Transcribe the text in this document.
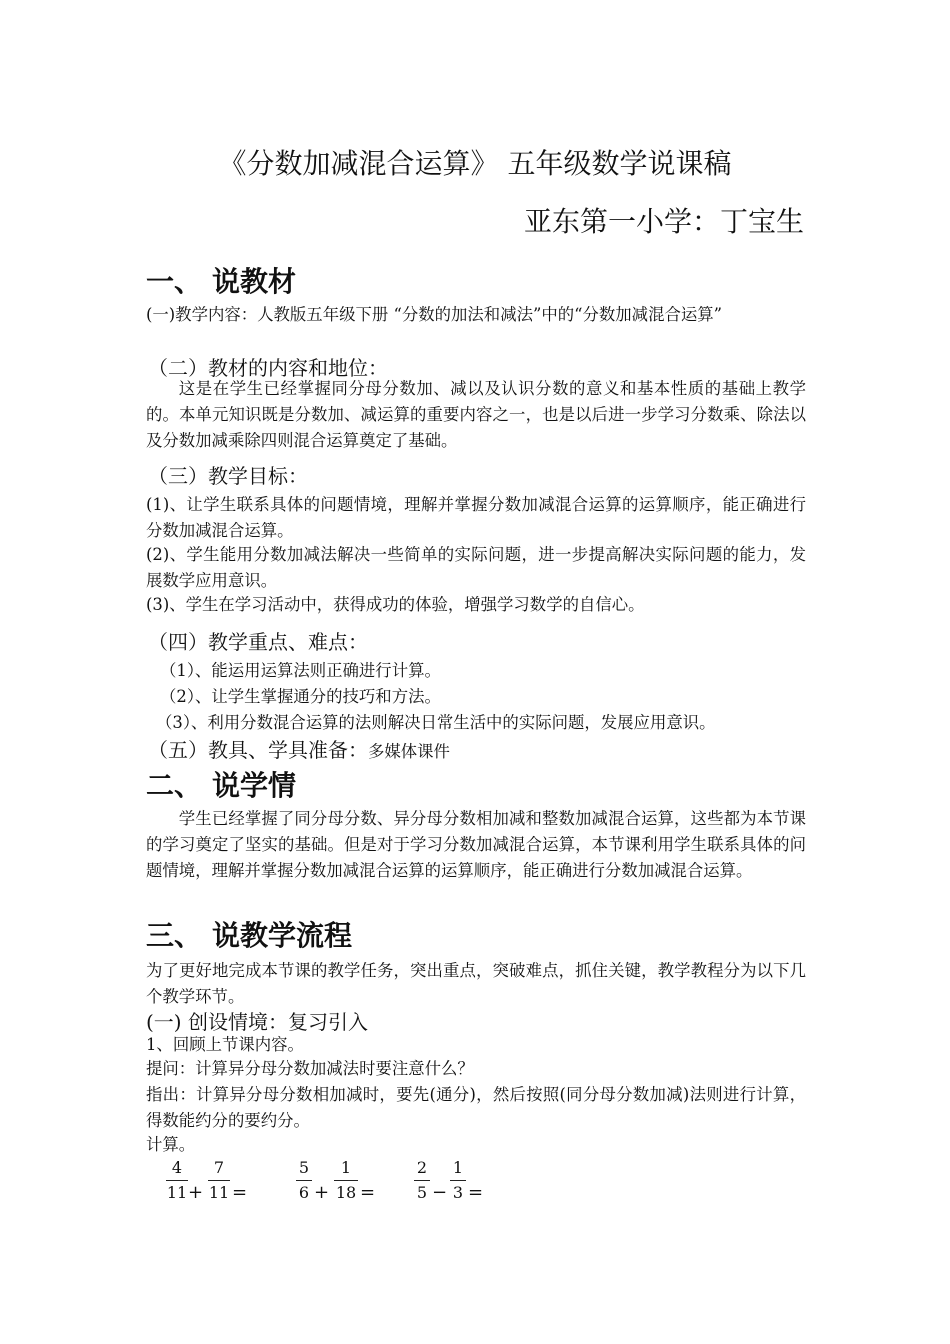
《分数加减混合运算》 五年级数学说课稿
亚东第一小学：丁宝生
一、 说教材
(一)教学内容：人教版五年级下册 “分数的加法和减法”中的“分数加减混合运算”
（二）教材的内容和地位：
这是在学生已经掌握同分母分数加、减以及认识分数的意义和基本性质的基础上教学的。本单元知识既是分数加、减运算的重要内容之一，也是以后进一步学习分数乘、除法以及分数加减乘除四则混合运算奠定了基础。
（三）教学目标：
(1)、让学生联系具体的问题情境，理解并掌握分数加减混合运算的运算顺序，能正确进行分数加减混合运算。
(2)、学生能用分数加减法解决一些简单的实际问题，进一步提高解决实际问题的能力，发展数学应用意识。
(3)、学生在学习活动中，获得成功的体验，增强学习数学的自信心。
（四）教学重点、难点：
（1）、能运用运算法则正确进行计算。
（2）、让学生掌握通分的技巧和方法。
（3）、利用分数混合运算的法则解决日常生活中的实际问题，发展应用意识。
（五）教具、学具准备：多媒体课件
二、 说学情
学生已经掌握了同分母分数、异分母分数相加减和整数加减混合运算，这些都为本节课的学习奠定了坚实的基础。但是对于学习分数加减混合运算，本节课利用学生联系具体的问题情境，理解并掌握分数加减混合运算的运算顺序，能正确进行分数加减混合运算。
三、 说教学流程
为了更好地完成本节课的教学任务，突出重点，突破难点，抓住关键，教学教程分为以下几个教学环节。
(一) 创设情境：复习引入
1、回顾上节课内容。
提问：计算异分母分数加减法时要注意什么？
指出：计算异分母分数相加减时，要先(通分)，然后按照(同分母分数加减)法则进行计算，得数能约分的要约分。
计算。
4
11 +
7
11 =
5
6 +
1
18 =
2
5 −
1
3 =
